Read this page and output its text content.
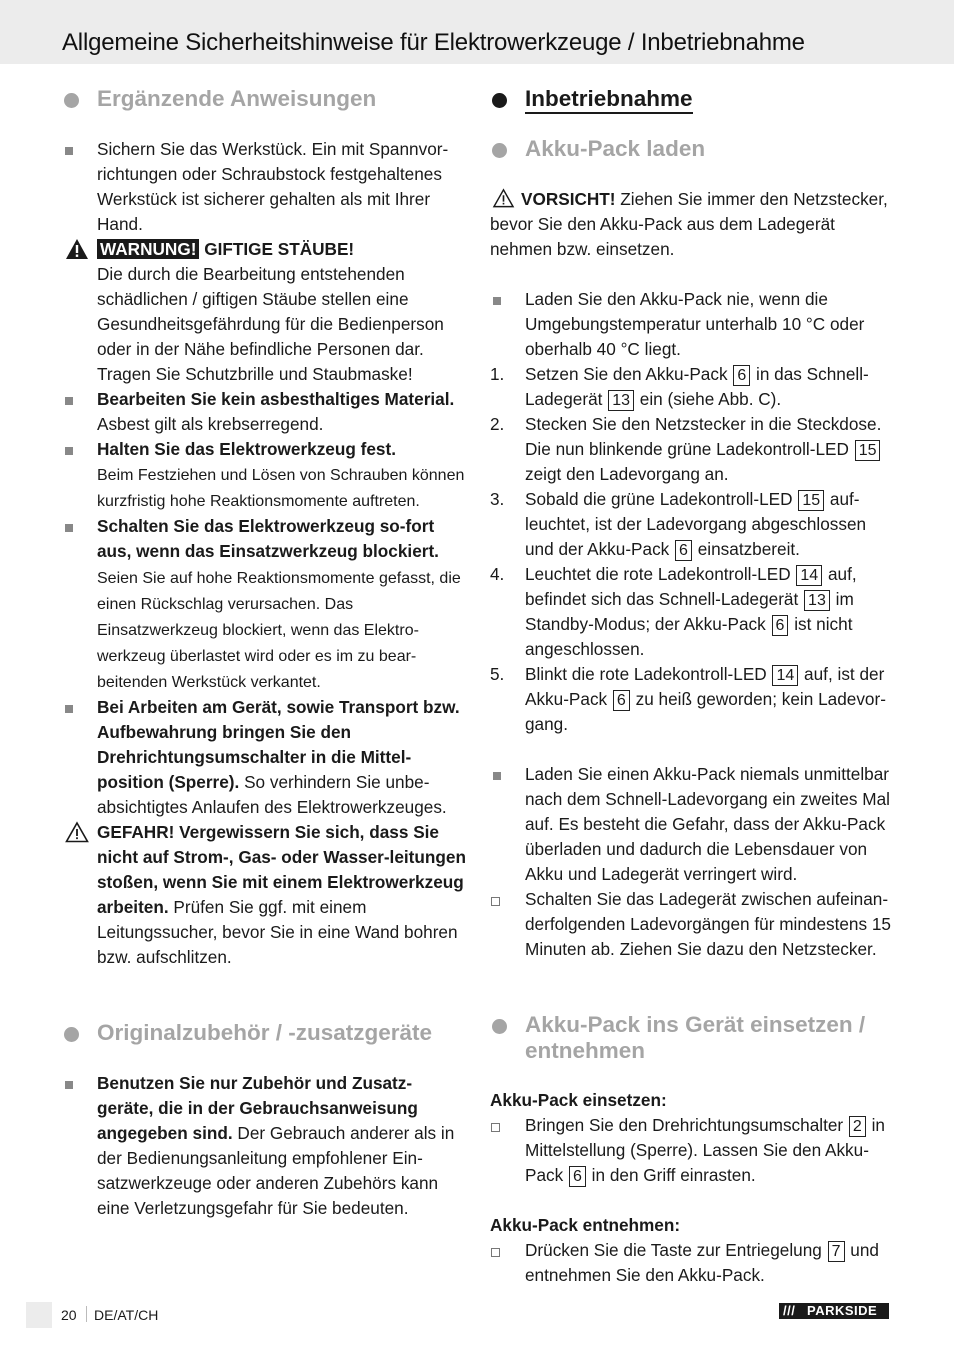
Allgemeine Sicherheitshinweise für Elektrowerkzeuge / Inbetriebnahme
Ergänzende Anweisungen
Sichern Sie das Werkstück. Ein mit Spannvor-richtungen oder Schraubstock festgehaltenes Werkstück ist sicherer gehalten als mit Ihrer Hand.
WARNUNG! GIFTIGE STÄUBE!
Die durch die Bearbeitung entstehenden schädlichen / giftigen Stäube stellen eine Gesundheitsgefährdung für die Bedienperson oder in der Nähe befindliche Personen dar. Tragen Sie Schutzbrille und Staubmaske!
Bearbeiten Sie kein asbesthaltiges Material. Asbest gilt als krebserregend.
Halten Sie das Elektrowerkzeug fest.
Beim Festziehen und Lösen von Schrauben können kurzfristig hohe Reaktionsmomente auftreten.
Schalten Sie das Elektrowerkzeug so-fort aus, wenn das Einsatzwerkzeug blockiert. Seien Sie auf hohe Reaktionsmomente gefasst, die einen Rückschlag verursachen. Das Einsatzwerkzeug blockiert, wenn das Elektro-werkzeug überlastet wird oder es im zu bear-beitenden Werkstück verkantet.
Bei Arbeiten am Gerät, sowie Transport bzw. Aufbewahrung bringen Sie den Drehrichtungsumschalter in die Mittel-position (Sperre). So verhindern Sie unbe-absichtigtes Anlaufen des Elektrowerkzeuges.
GEFAHR! Vergewissern Sie sich, dass Sie nicht auf Strom-, Gas- oder Wasser-leitungen stoßen, wenn Sie mit einem Elektrowerkzeug arbeiten. Prüfen Sie ggf. mit einem Leitungssucher, bevor Sie in eine Wand bohren bzw. aufschlitzen.
Originalzubehör / -zusatzgeräte
Benutzen Sie nur Zubehör und Zusatz-geräte, die in der Gebrauchsanweisung angegeben sind. Der Gebrauch anderer als in der Bedienungsanleitung empfohlener Ein-satzwerkzeuge oder anderen Zubehörs kann eine Verletzungsgefahr für Sie bedeuten.
Inbetriebnahme
Akku-Pack laden

VORSICHT! Ziehen Sie immer den Netzstecker, bevor Sie den Akku-Pack aus dem Ladegerät nehmen bzw. einsetzen.

Laden Sie den Akku-Pack nie, wenn die Umgebungstemperatur unterhalb 10 °C oder oberhalb 40 °C liegt.
1. Setzen Sie den Akku-Pack 6 in das Schnell-Ladegerät 13 ein (siehe Abb. C).
2. Stecken Sie den Netzstecker in die Steckdose. Die nun blinkende grüne Ladekontroll-LED 15 zeigt den Ladevorgang an.
3. Sobald die grüne Ladekontroll-LED 15 auf-leuchtet, ist der Ladevorgang abgeschlossen und der Akku-Pack 6 einsatzbereit.
4. Leuchtet die rote Ladekontroll-LED 14 auf, befindet sich das Schnell-Ladegerät 13 im Standby-Modus; der Akku-Pack 6 ist nicht angeschlossen.
5. Blinkt die rote Ladekontroll-LED 14 auf, ist der Akku-Pack 6 zu heiß geworden; kein Ladevor-gang.
Laden Sie einen Akku-Pack niemals unmittelbar nach dem Schnell-Ladevorgang ein zweites Mal auf. Es besteht die Gefahr, dass der Akku-Pack überladen und dadurch die Lebensdauer von Akku und Ladegerät verringert wird.
Schalten Sie das Ladegerät zwischen aufeinan-derfolgenden Ladevorgängen für mindestens 15 Minuten ab. Ziehen Sie dazu den Netzstecker.
Akku-Pack ins Gerät einsetzen / entnehmen

Akku-Pack einsetzen:

Bringen Sie den Drehrichtungsumschalter 2 in Mittelstellung (Sperre). Lassen Sie den Akku-Pack 6 in den Griff einrasten.

Akku-Pack entnehmen:

Drücken Sie die Taste zur Entriegelung 7 und entnehmen Sie den Akku-Pack.
20 DE/AT/CH	/// PARKSIDE
